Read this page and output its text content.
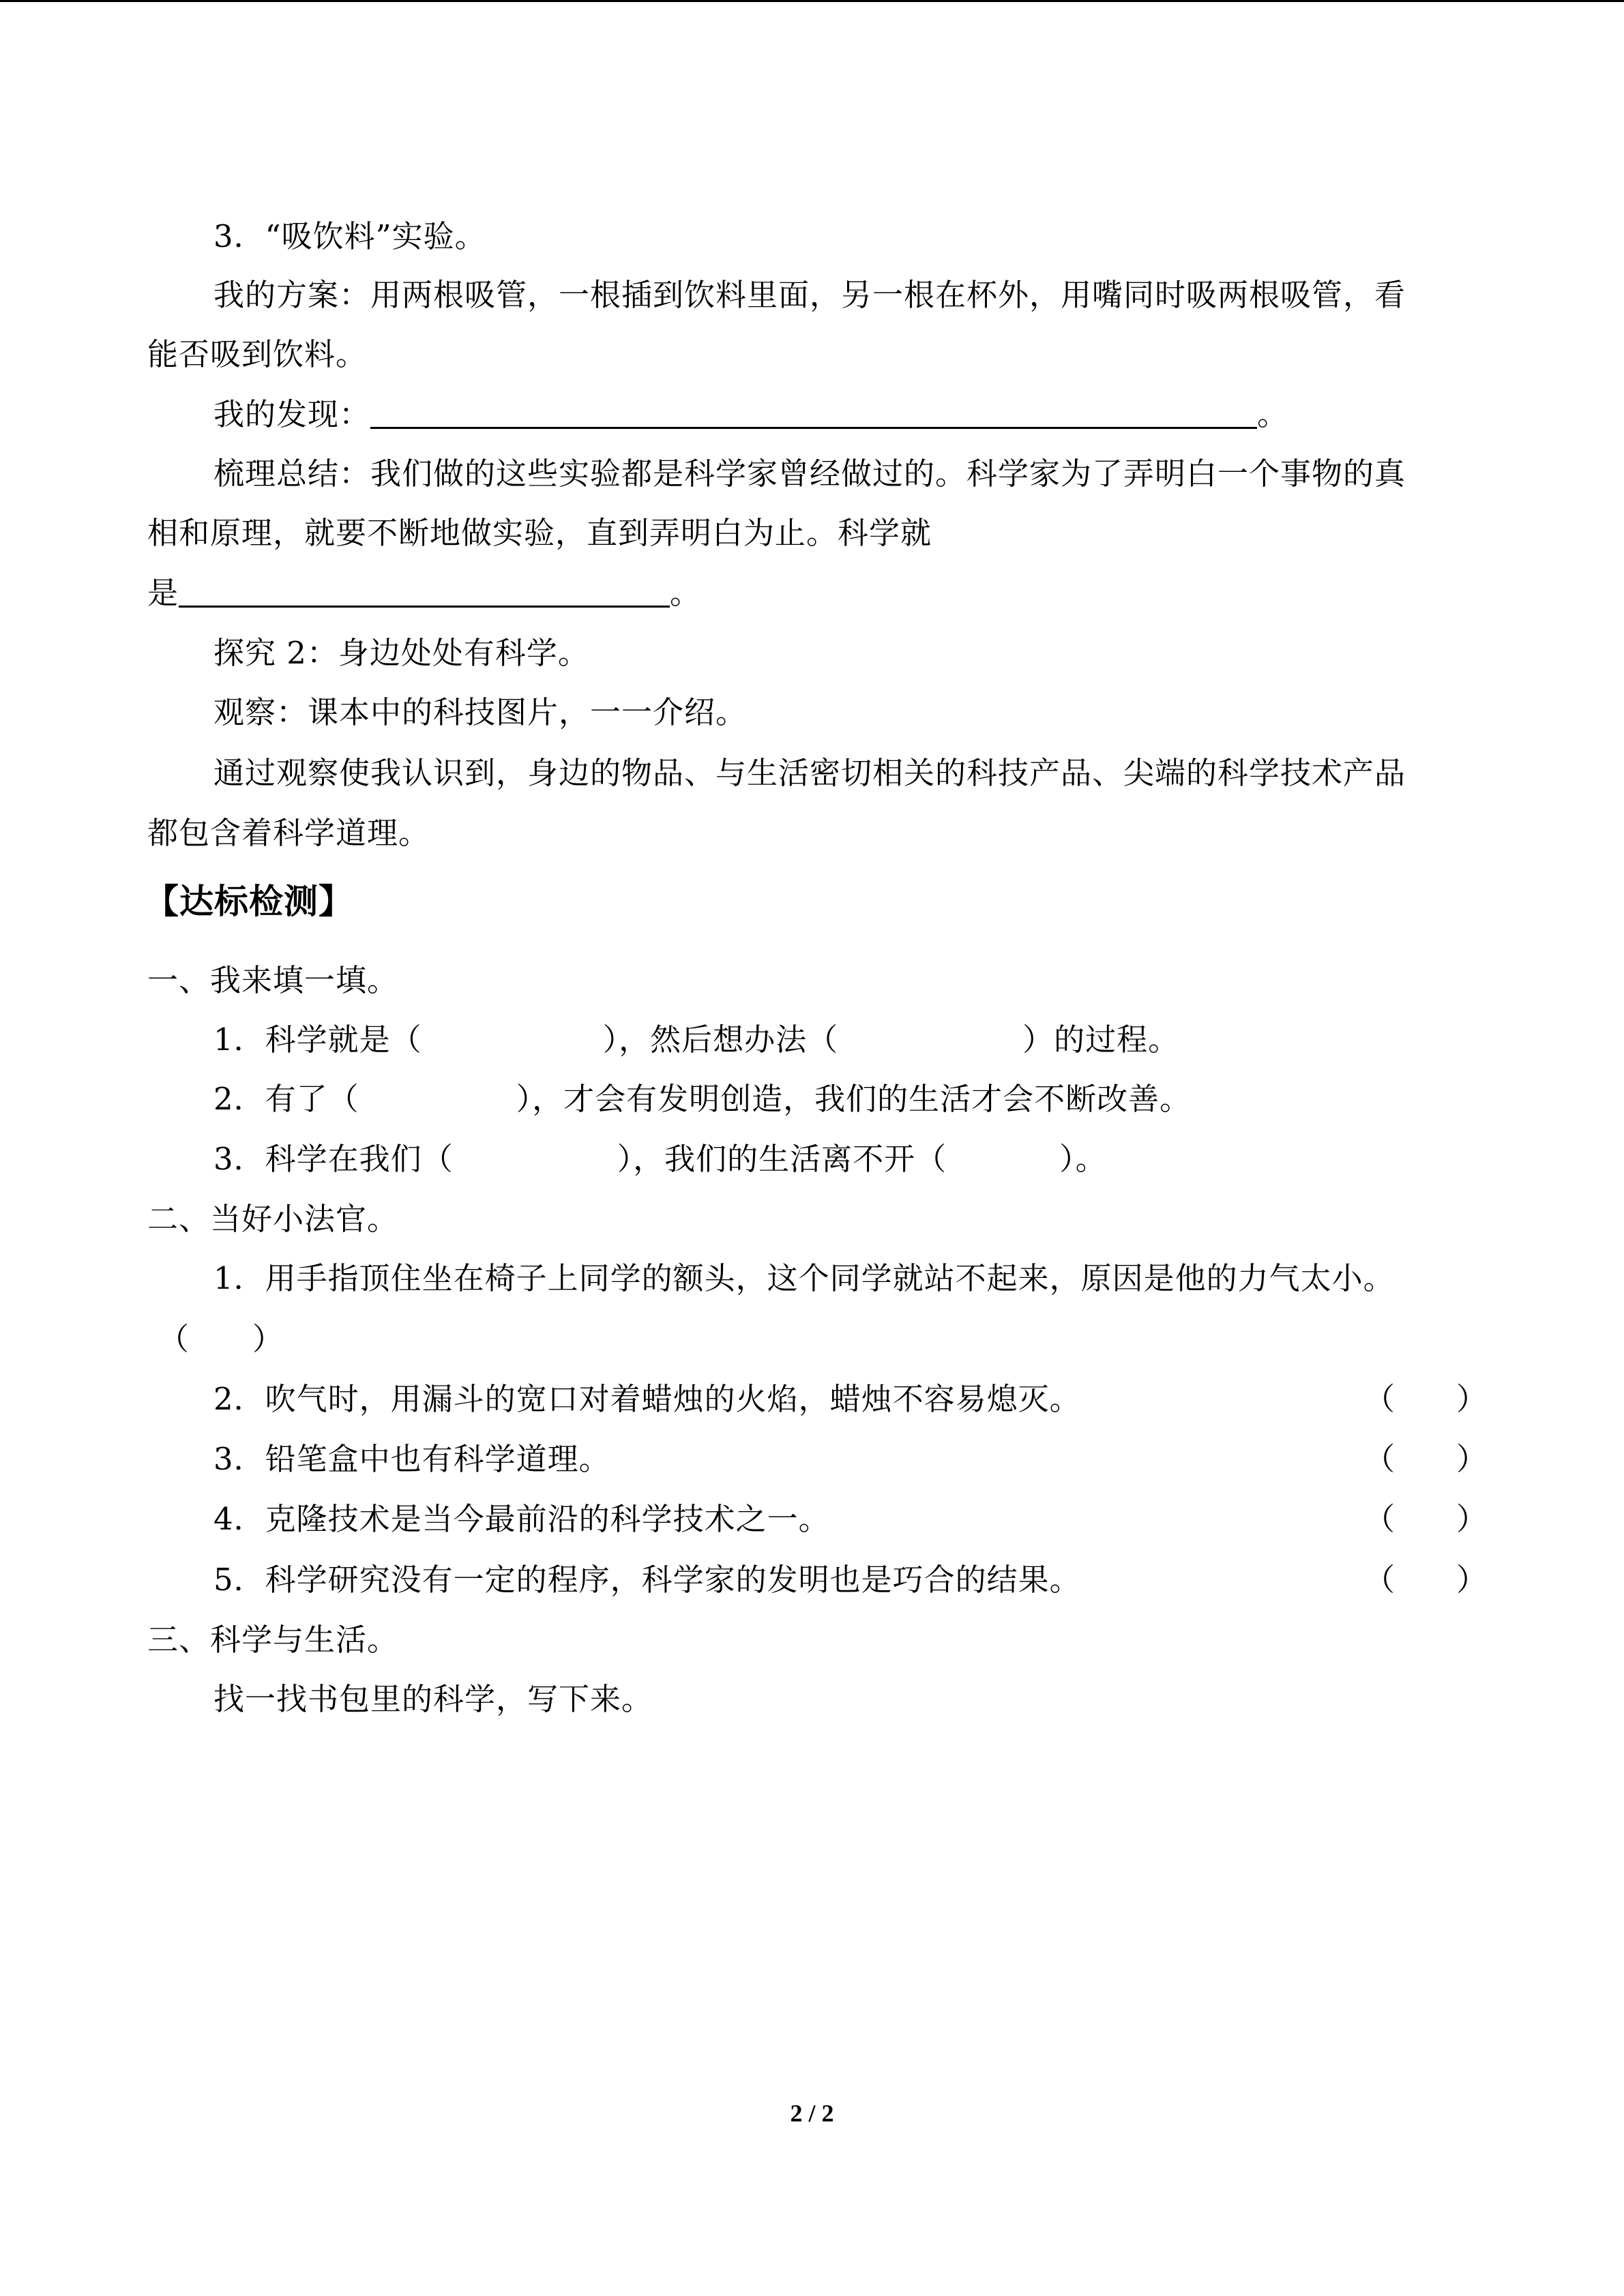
3．“吸饮料”实验。
我的方案：用两根吸管，一根插到饮料里面，另一根在杯外，用嘴同时吸两根吸管，看
能否吸到饮料。
我的发现：	。
梳理总结：我们做的这些实验都是科学家曾经做过的。科学家为了弄明白一个事物的真
相和原理，就要不断地做实验，直到弄明白为止。科学就
是	。
探究 2：身边处处有科学。
观察：课本中的科技图片，一一介绍。
通过观察使我认识到，身边的物品、与生活密切相关的科技产品、尖端的科学技术产品
都包含着科学道理。
【达标检测】
一、我来填一填。
1．科学就是（	），然后想办法（	）的过程。
2．有了（	），才会有发明创造，我们的生活才会不断改善。
3．科学在我们（	），我们的生活离不开（	）。
二、当好小法官。
1．用手指顶住坐在椅子上同学的额头，这个同学就站不起来，原因是他的力气太小。
（　　）
2．吹气时，用漏斗的宽口对着蜡烛的火焰，蜡烛不容易熄灭。	（　　）
3．铅笔盒中也有科学道理。	（　　）
4．克隆技术是当今最前沿的科学技术之一。	（　　）
5．科学研究没有一定的程序，科学家的发明也是巧合的结果。	（　　）
三、科学与生活。
找一找书包里的科学，写下来。
2 / 2
